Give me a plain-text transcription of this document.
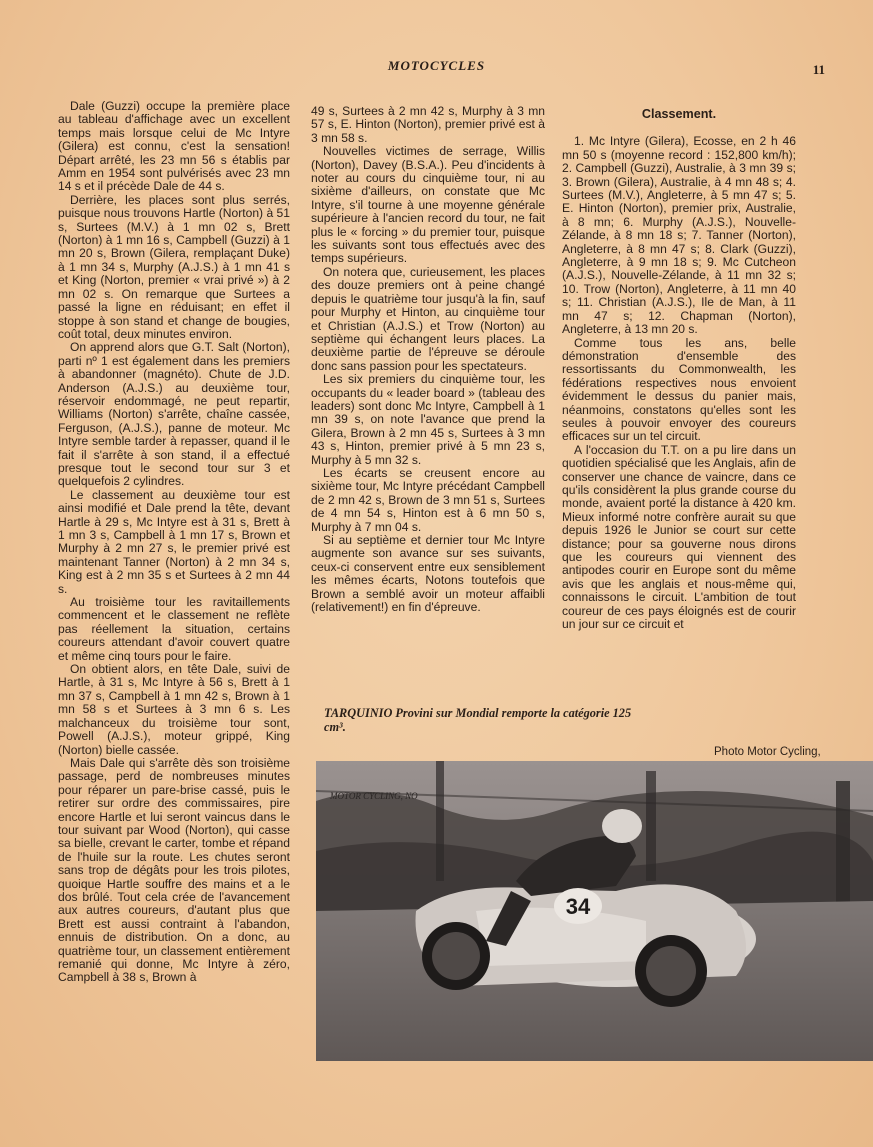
MOTOCYCLES	11

Dale (Guzzi) occupe la première place au tableau d'affichage avec un excellent temps mais lorsque celui de Mc Intyre (Gilera) est connu, c'est la sensation! Départ arrêté, les 23 mn 56 s établis par Amm en 1954 sont pulvérisés avec 23 mn 14 s et il précède Dale de 44 s.

Derrière, les places sont plus serrés, puisque nous trouvons Hartle (Norton) à 51 s, Surtees (M.V.) à 1 mn 02 s, Brett (Norton) à 1 mn 16 s, Campbell (Guzzi) à 1 mn 20 s, Brown (Gilera, remplaçant Duke) à 1 mn 34 s, Murphy (A.J.S.) à 1 mn 41 s et King (Norton, premier « vrai privé ») à 2 mn 02 s. On remarque que Surtees a passé la ligne en réduisant; en effet il stoppe à son stand et change de bougies, coût total, deux minutes environ.

On apprend alors que G.T. Salt (Norton), parti nº 1 est également dans les premiers à abandonner (magnéto). Chute de J.D. Anderson (A.J.S.) au deuxième tour, réservoir endommagé, ne peut repartir, Williams (Norton) s'arrête, chaîne cassée, Ferguson, (A.J.S.), panne de moteur. Mc Intyre semble tarder à repasser, quand il le fait il s'arrête à son stand, il a effectué presque tout le second tour sur 3 et quelquefois 2 cylindres.

Le classement au deuxième tour est ainsi modifié et Dale prend la tête, devant Hartle à 29 s, Mc Intyre est à 31 s, Brett à 1 mn 3 s, Campbell à 1 mn 17 s, Brown et Murphy à 2 mn 27 s, le premier privé est maintenant Tanner (Norton) à 2 mn 34 s, King est à 2 mn 35 s et Surtees à 2 mn 44 s.

Au troisième tour les ravitaillements commencent et le classement ne reflète pas réellement la situation, certains coureurs attendant d'avoir couvert quatre et même cinq tours pour le faire.

On obtient alors, en tête Dale, suivi de Hartle, à 31 s, Mc Intyre à 56 s, Brett à 1 mn 37 s, Campbell à 1 mn 42 s, Brown à 1 mn 58 s et Surtees à 3 mn 6 s. Les malchanceux du troisième tour sont, Powell (A.J.S.), moteur grippé, King (Norton) bielle cassée.

Mais Dale qui s'arrête dès son troisième passage, perd de nombreuses minutes pour réparer un pare-brise cassé, puis le retirer sur ordre des commissaires, pire encore Hartle et lui seront vaincus dans le tour suivant par Wood (Norton), qui casse sa bielle, crevant le carter, tombe et répand de l'huile sur la route. Les chutes seront sans trop de dégâts pour les trois pilotes, quoique Hartle souffre des mains et a le dos brûlé. Tout cela crée de l'avancement aux autres coureurs, d'autant plus que Brett est aussi contraint à l'abandon, ennuis de distribution. On a donc, au quatrième tour, un classement entièrement remanié qui donne, Mc Intyre à zéro, Campbell à 38 s, Brown à

49 s, Surtees à 2 mn 42 s, Murphy à 3 mn 57 s, E. Hinton (Norton), premier privé est à 3 mn 58 s.

Nouvelles victimes de serrage, Willis (Norton), Davey (B.S.A.). Peu d'incidents à noter au cours du cinquième tour, ni au sixième d'ailleurs, on constate que Mc Intyre, s'il tourne à une moyenne générale supérieure à l'ancien record du tour, ne fait plus le « forcing » du premier tour, puisque les suivants sont tous effectués avec des temps supérieurs.

On notera que, curieusement, les places des douze premiers ont à peine changé depuis le quatrième tour jusqu'à la fin, sauf pour Murphy et Hinton, au cinquième tour et Christian (A.J.S.) et Trow (Norton) au septième qui échangent leurs places. La deuxième partie de l'épreuve se déroule donc sans passion pour les spectateurs.

Les six premiers du cinquième tour, les occupants du « leader board » (tableau des leaders) sont donc Mc Intyre, Campbell à 1 mn 39 s, on note l'avance que prend la Gilera, Brown à 2 mn 45 s, Surtees à 3 mn 43 s, Hinton, premier privé à 5 mn 23 s, Murphy à 5 mn 32 s.

Les écarts se creusent encore au sixième tour, Mc Intyre précédant Campbell de 2 mn 42 s, Brown de 3 mn 51 s, Surtees de 4 mn 54 s, Hinton est à 6 mn 50 s, Murphy à 7 mn 04 s.

Si au septième et dernier tour Mc Intyre augmente son avance sur ses suivants, ceux-ci conservent entre eux sensiblement les mêmes écarts, Notons toutefois que Brown a semblé avoir un moteur affaibli (relativement!) en fin d'épreuve.

Classement.

1. Mc Intyre (Gilera), Ecosse, en 2 h 46 mn 50 s (moyenne record : 152,800 km/h); 2. Campbell (Guzzi), Australie, à 3 mn 39 s; 3. Brown (Gilera), Australie, à 4 mn 48 s; 4. Surtees (M.V.), Angleterre, à 5 mn 47 s; 5. E. Hinton (Norton), premier prix, Australie, à 8 mn; 6. Murphy (A.J.S.), Nouvelle-Zélande, à 8 mn 18 s; 7. Tanner (Norton), Angleterre, à 8 mn 47 s; 8. Clark (Guzzi), Angleterre, à 9 mn 18 s; 9. Mc Cutcheon (A.J.S.), Nouvelle-Zélande, à 11 mn 32 s; 10. Trow (Norton), Angleterre, à 11 mn 40 s; 11. Christian (A.J.S.), Ile de Man, à 11 mn 47 s; 12. Chapman (Norton), Angleterre, à 13 mn 20 s.

Comme tous les ans, belle démonstration d'ensemble des ressortissants du Commonwealth, les fédérations respectives nous envoient évidemment le dessus du panier mais, néanmoins, constatons qu'elles sont les seules à pouvoir envoyer des coureurs efficaces sur un tel circuit.

A l'occasion du T.T. on a pu lire dans un quotidien spécialisé que les Anglais, afin de conserver une chance de vaincre, dans ce qu'ils considèrent la plus grande course du monde, avaient porté la distance à 420 km. Mieux informé notre confrère aurait su que depuis 1926 le Junior se court sur cette distance; pour sa gouverne nous dirons que les coureurs qui viennent des antipodes courir en Europe sont du même avis que les anglais et nous-même qui, connaissons le circuit. L'ambition de tout coureur de ces pays éloignés est de courir un jour sur ce circuit et

TARQUINIO Provini sur Mondial remporte la catégorie 125 cm³.
Photo Motor Cycling,
34
MOTOR CYCLING, NO
